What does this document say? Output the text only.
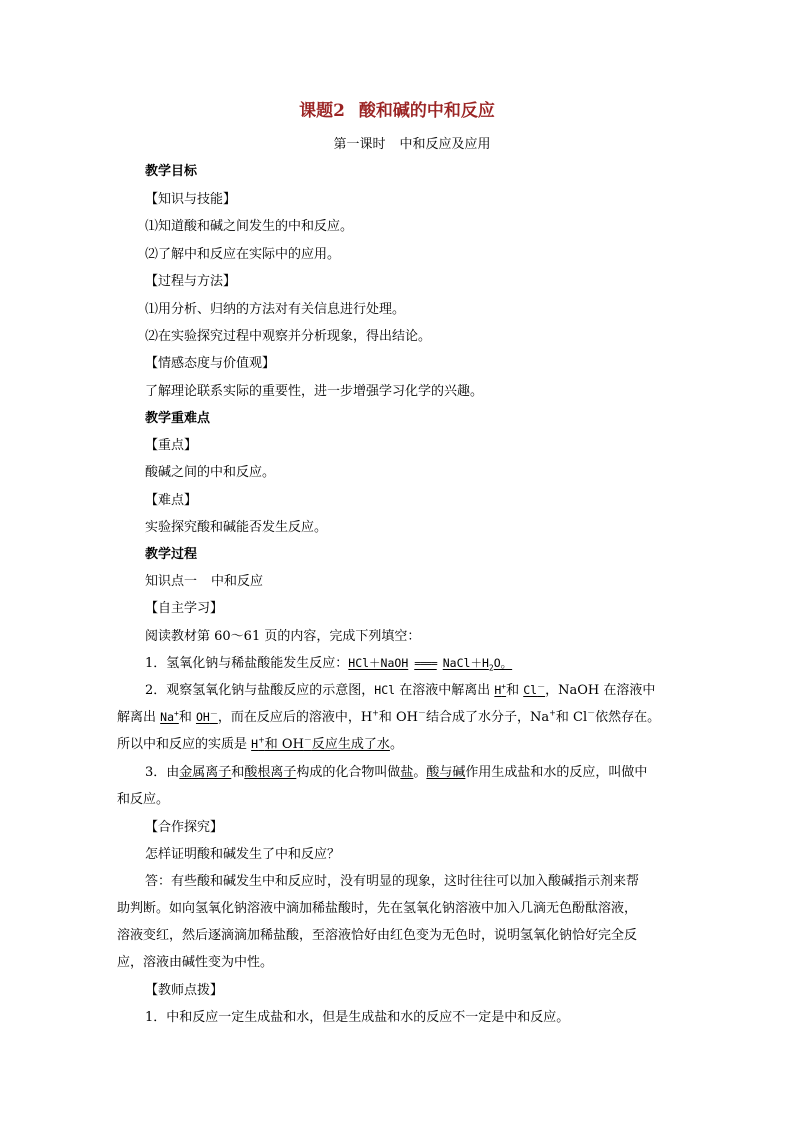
课题2 酸和碱的中和反应
第一课时 中和反应及应用
教学目标
【知识与技能】
⑴知道酸和碱之间发生的中和反应。
⑵了解中和反应在实际中的应用。
【过程与方法】
⑴用分析、归纳的方法对有关信息进行处理。
⑵在实验探究过程中观察并分析现象，得出结论。
【情感态度与价值观】
了解理论联系实际的重要性，进一步增强学习化学的兴趣。
教学重难点
【重点】
酸碱之间的中和反应。
【难点】
实验探究酸和碱能否发生反应。
教学过程
知识点一 中和反应
【自主学习】
阅读教材第 60～61 页的内容，完成下列填空：
1．氢氧化钠与稀盐酸能发生反应：HCl＋NaOH ==== $NaCl+H_2O$。
2．观察氢氧化钠与盐酸反应的示意图，HCl 在溶液中解离出 H+和 Cl－，NaOH 在溶液中
解离出 Na+和 OH－，而在反应后的溶液中，H+和 OH－结合成了水分子，Na+和 Cl－依然存在。
所以中和反应的实质是 H+和 OH－反应生成了水。
3．由金属离子和酸根离子构成的化合物叫做盐。酸与碱作用生成盐和水的反应，叫做中
和反应。
【合作探究】
怎样证明酸和碱发生了中和反应？
答：有些酸和碱发生中和反应时，没有明显的现象，这时往往可以加入酸碱指示剂来帮
助判断。如向氢氧化钠溶液中滴加稀盐酸时，先在氢氧化钠溶液中加入几滴无色酚酞溶液，
溶液变红，然后逐滴滴加稀盐酸，至溶液恰好由红色变为无色时，说明氢氧化钠恰好完全反
应，溶液由碱性变为中性。
【教师点拨】
1．中和反应一定生成盐和水，但是生成盐和水的反应不一定是中和反应。
